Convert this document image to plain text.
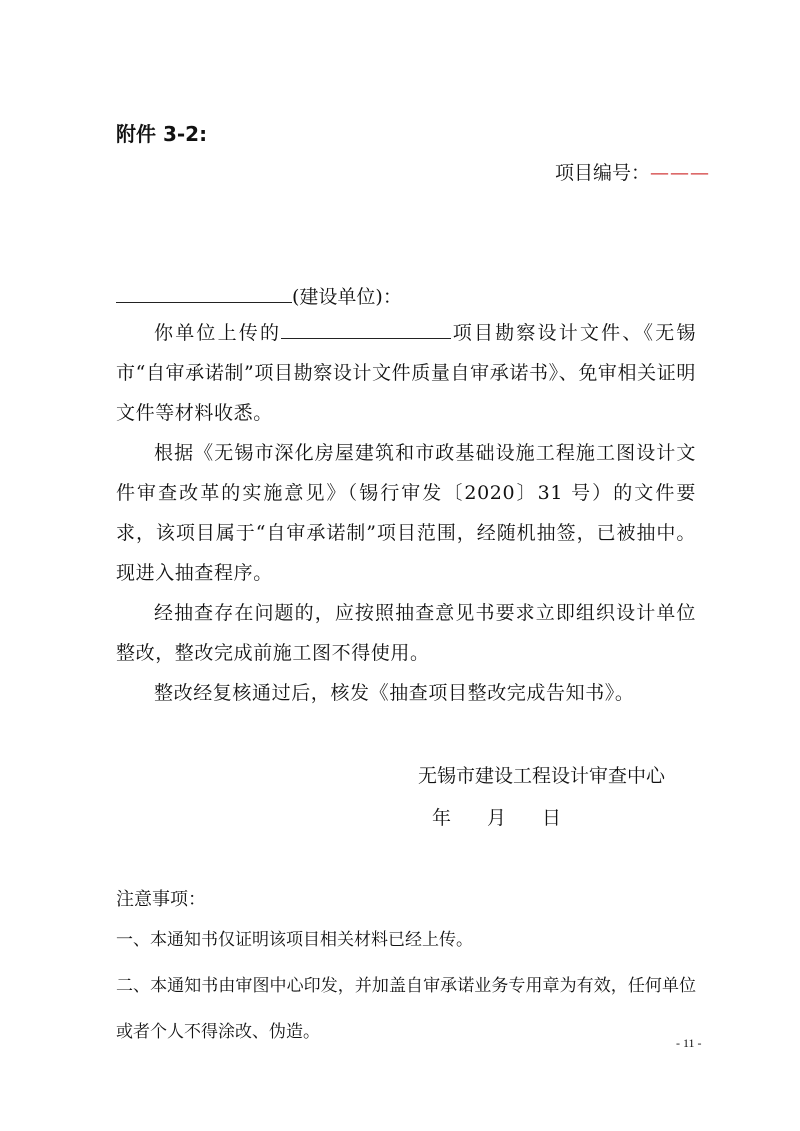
附件 3-2:
项目编号：———
(建设单位)：
你单位上传的	项目勘察设计文件、《无锡市“自审承诺制”项目勘察设计文件质量自审承诺书》、免审相关证明文件等材料收悉。
根据《无锡市深化房屋建筑和市政基础设施工程施工图设计文件审查改革的实施意见》（锡行审发〔2020〕31 号）的文件要求，该项目属于“自审承诺制”项目范围，经随机抽签，已被抽中。现进入抽查程序。
经抽查存在问题的，应按照抽查意见书要求立即组织设计单位整改，整改完成前施工图不得使用。
整改经复核通过后，核发《抽查项目整改完成告知书》。
无锡市建设工程设计审查中心
年 月 日
注意事项：
一、本通知书仅证明该项目相关材料已经上传。
二、本通知书由审图中心印发，并加盖自审承诺业务专用章为有效，任何单位或者个人不得涂改、伪造。
- 11 -
